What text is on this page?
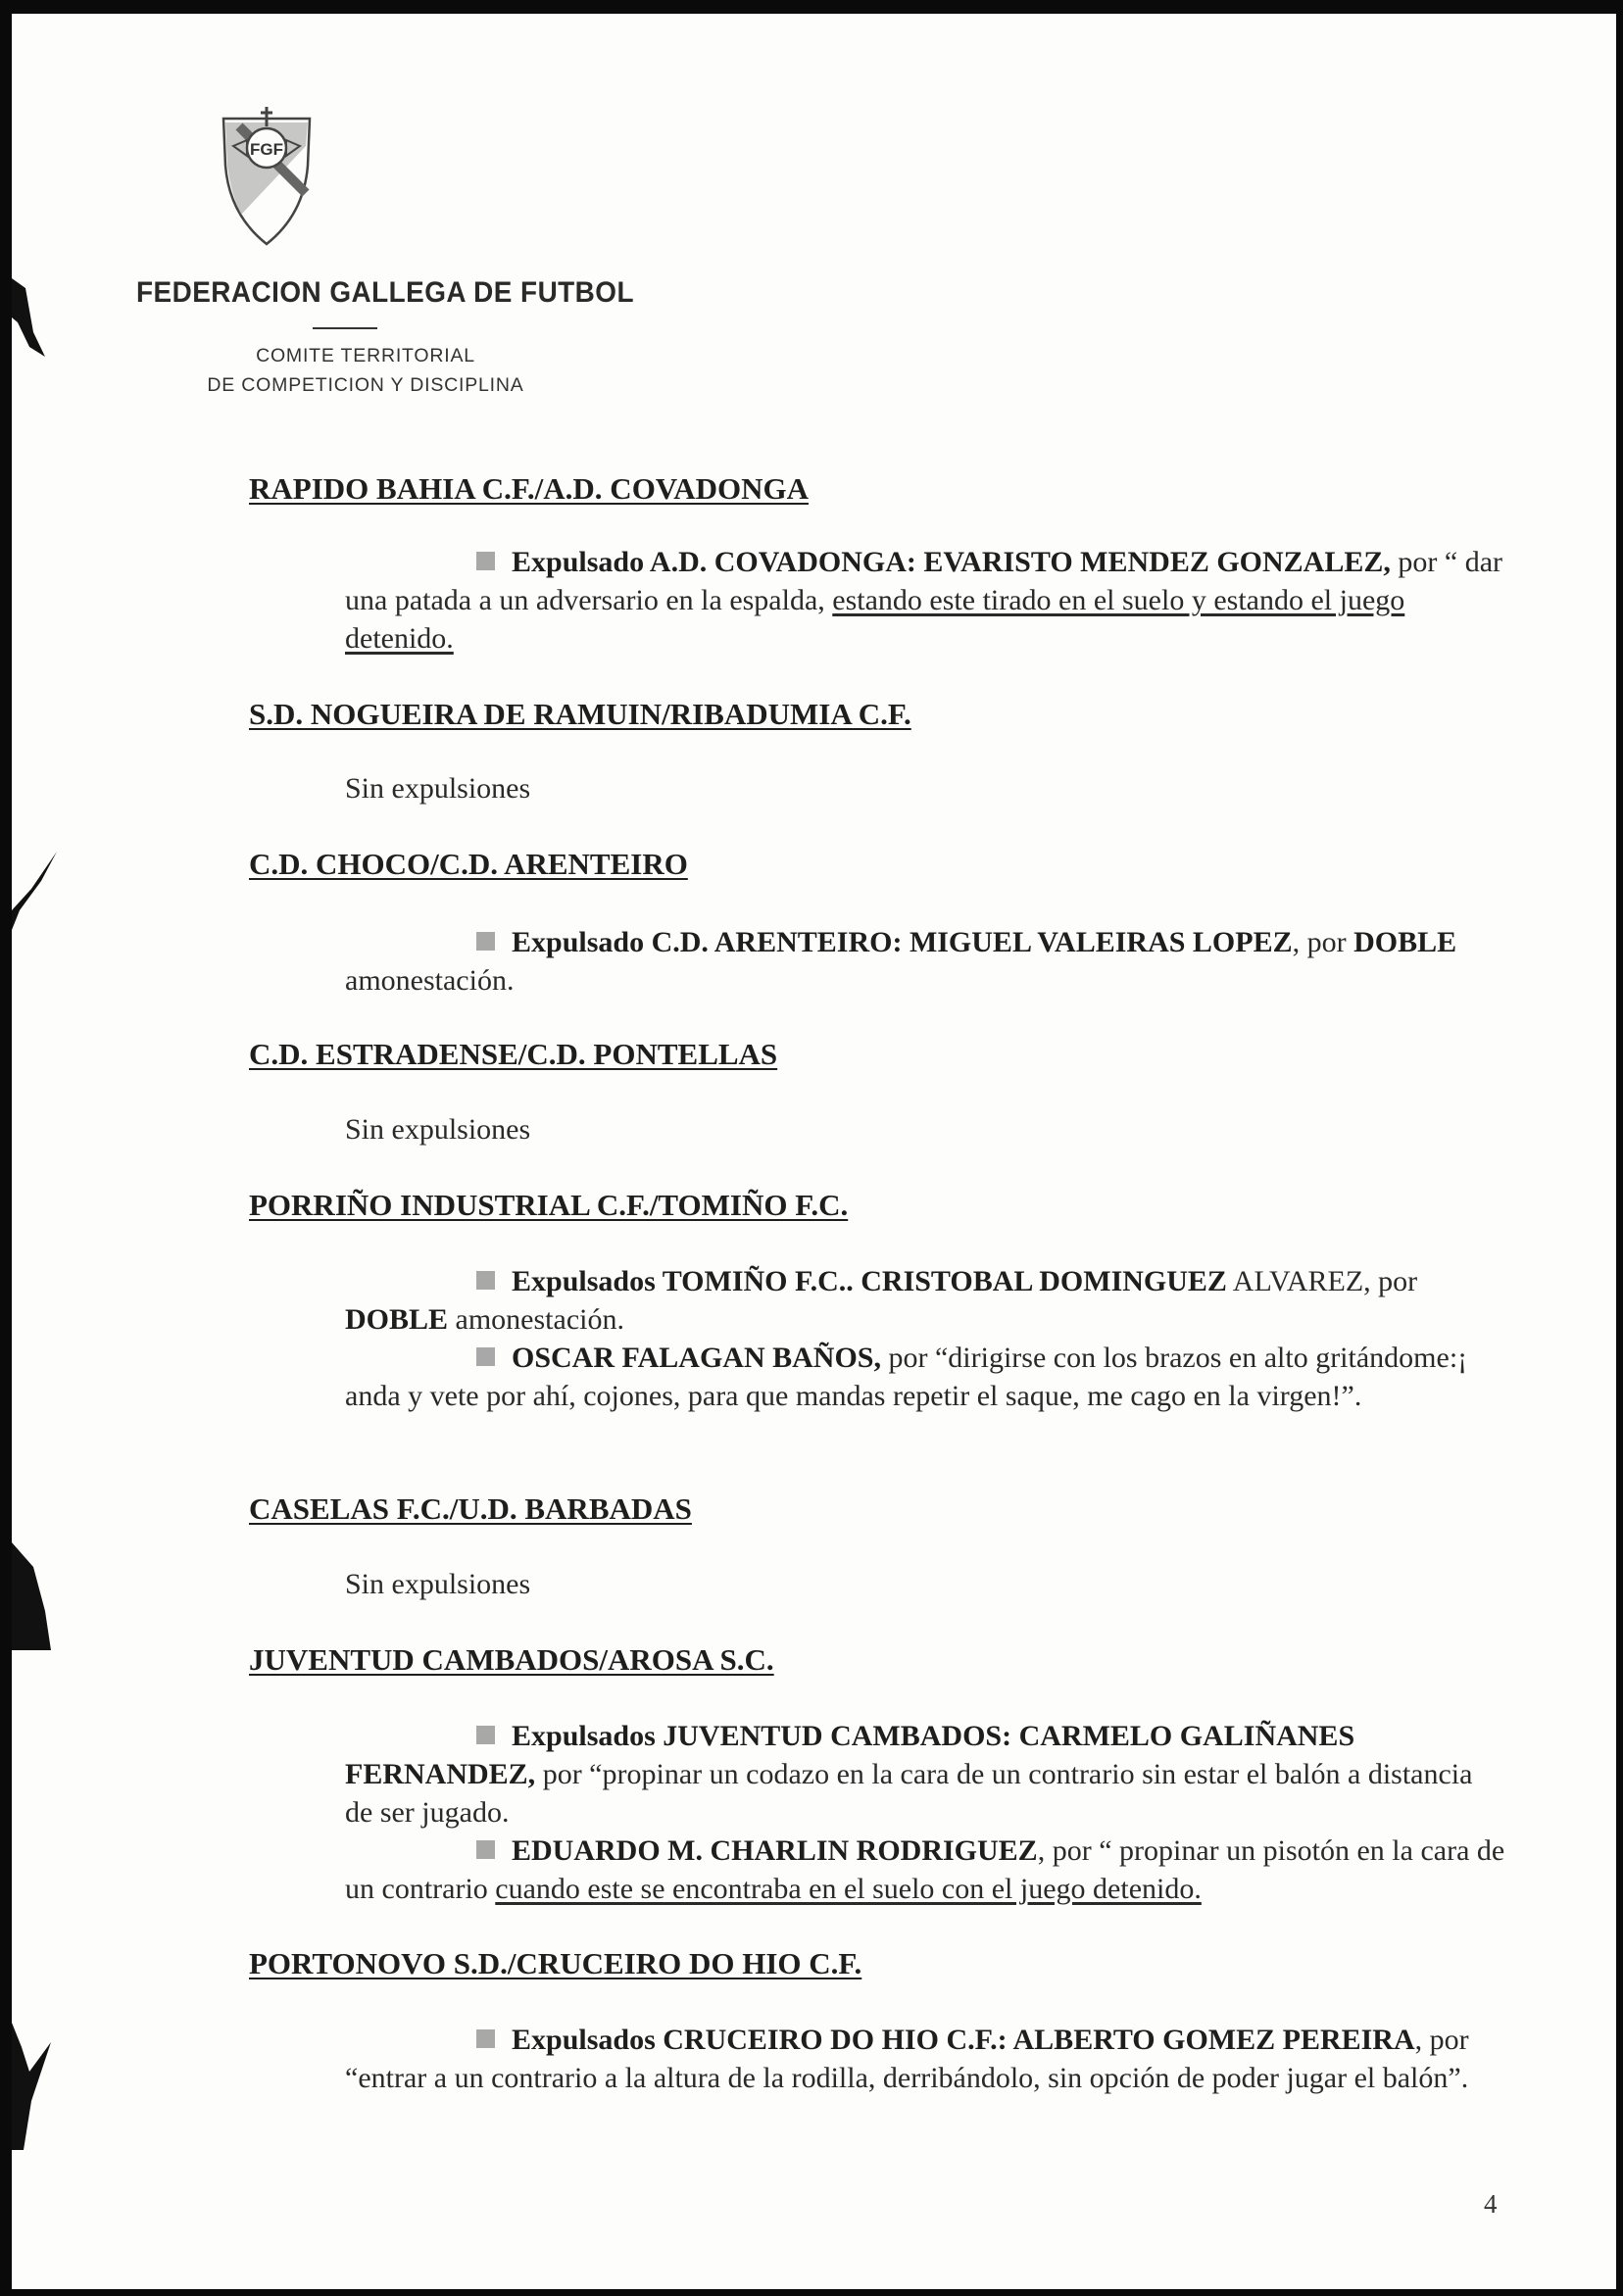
FGF
FEDERACION GALLEGA DE FUTBOL
COMITE TERRITORIAL
DE COMPETICION Y DISCIPLINA
RAPIDO BAHIA C.F./A.D. COVADONGA
Expulsado A.D. COVADONGA: EVARISTO MENDEZ GONZALEZ, por “ dar una patada a un adversario en la espalda, estando este tirado en el suelo y estando el juego detenido.
S.D. NOGUEIRA DE RAMUIN/RIBADUMIA C.F.
Sin expulsiones
C.D. CHOCO/C.D. ARENTEIRO
Expulsado C.D. ARENTEIRO: MIGUEL VALEIRAS LOPEZ, por DOBLE amonestación.
C.D. ESTRADENSE/C.D. PONTELLAS
Sin expulsiones
PORRIÑO INDUSTRIAL C.F./TOMIÑO F.C.
Expulsados TOMIÑO F.C.. CRISTOBAL DOMINGUEZ ALVAREZ, por DOBLE amonestación.
OSCAR FALAGAN BAÑOS, por “dirigirse con los brazos en alto gritándome:¡ anda y vete por ahí, cojones, para que mandas repetir el saque, me cago en la virgen!”.
CASELAS F.C./U.D. BARBADAS
Sin expulsiones
JUVENTUD CAMBADOS/AROSA S.C.
Expulsados JUVENTUD CAMBADOS: CARMELO GALIÑANES FERNANDEZ, por “propinar un codazo en la cara de un contrario sin estar el balón a distancia de ser jugado.
EDUARDO M. CHARLIN RODRIGUEZ, por “ propinar un pisotón en la cara de un contrario cuando este se encontraba en el suelo con el juego detenido.
PORTONOVO S.D./CRUCEIRO DO HIO C.F.
Expulsados CRUCEIRO DO HIO C.F.: ALBERTO GOMEZ PEREIRA, por “entrar a un contrario a la altura de la rodilla, derribándolo, sin opción de poder jugar el balón”.
4
